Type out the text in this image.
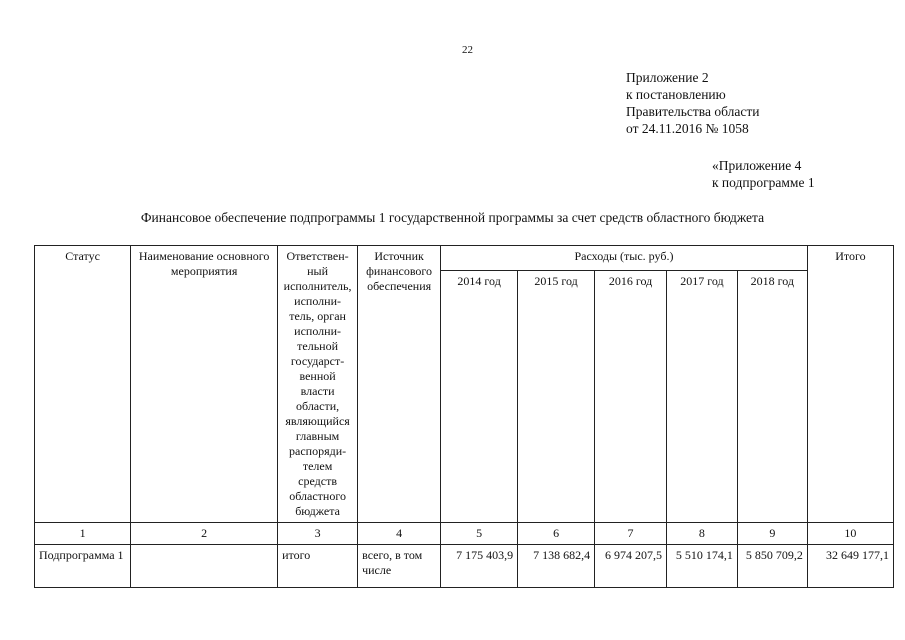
22
Приложение 2
к постановлению
Правительства области
от 24.11.2016 № 1058
«Приложение 4
к подпрограмме 1
Финансовое обеспечение подпрограммы 1 государственной программы за счет средств областного бюджета
Статус	Наименование основного мероприятия	Ответствен-ный исполнитель, исполни-тель, орган исполни-тельной государст-венной власти области, являющийся главным распоряди-телем средств областного бюджета	Источник финансового обеспечения	Расходы (тыс. руб.)					Итого
				2014 год	2015 год	2016 год	2017 год	2018 год	
1	2	3	4	5	6	7	8	9	10
Подпрограмма 1		итого	всего, в том числе	7 175 403,9	7 138 682,4	6 974 207,5	5 510 174,1	5 850 709,2	32 649 177,1
